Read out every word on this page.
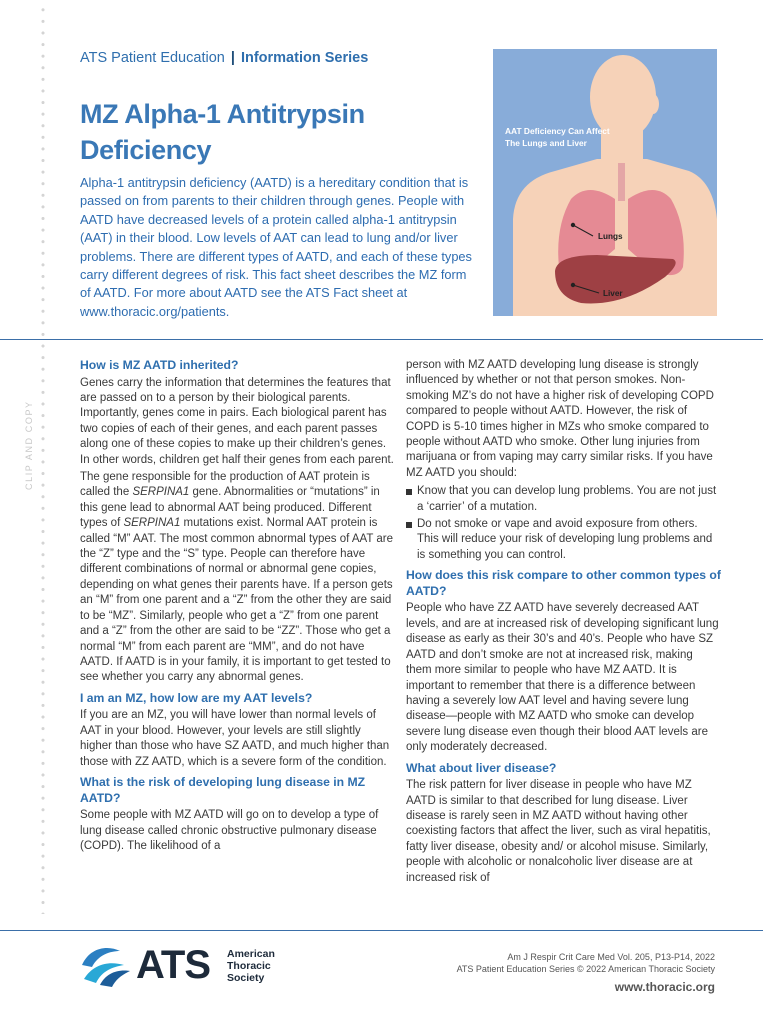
CLIP AND COPY
ATS Patient Education | Information Series
MZ Alpha-1 Antitrypsin Deficiency

Alpha-1 antitrypsin deficiency (AATD) is a hereditary condition that is passed on from parents to their children through genes. People with AATD have decreased levels of a protein called alpha-1 antitrypsin (AAT) in their blood. Low levels of AAT can lead to lung and/or liver problems. There are different types of AATD, and each of these types carry different degrees of risk. This fact sheet describes the MZ form of AATD. For more about AATD see the ATS Fact sheet at www.thoracic.org/patients.

AAT Deficiency Can Affect
The Lungs and Liver
Lungs
Liver
How is MZ AATD inherited?

Genes carry the information that determines the features that are passed on to a person by their biological parents. Importantly, genes come in pairs. Each biological parent has two copies of each of their genes, and each parent passes along one of these copies to make up their children’s genes. In other words, children get half their genes from each parent.

The gene responsible for the production of AAT protein is called the SERPINA1 gene. Abnormalities or “mutations” in this gene lead to abnormal AAT being produced. Different types of SERPINA1 mutations exist. Normal AAT protein is called “M” AAT. The most common abnormal types of AAT are the “Z” type and the “S” type. People can therefore have different combinations of normal or abnormal gene copies, depending on what genes their parents have. If a person gets an “M” from one parent and a “Z” from the other they are said to be “MZ”. Similarly, people who get a “Z” from one parent and a “Z” from the other are said to be “ZZ”. Those who get a normal “M” from each parent are “MM”, and do not have AATD. If AATD is in your family, it is important to get tested to see whether you carry any abnormal genes.

I am an MZ, how low are my AAT levels?

If you are an MZ, you will have lower than normal levels of AAT in your blood. However, your levels are still slightly higher than those who have SZ AATD, and much higher than those with ZZ AATD, which is a severe form of the condition.

What is the risk of developing lung disease in MZ AATD?

Some people with MZ AATD will go on to develop a type of lung disease called chronic obstructive pulmonary disease (COPD). The likelihood of a

person with MZ AATD developing lung disease is strongly influenced by whether or not that person smokes. Non-smoking MZ’s do not have a higher risk of developing COPD compared to people without AATD. However, the risk of COPD is 5-10 times higher in MZs who smoke compared to people without AATD who smoke. Other lung injuries from marijuana or from vaping may carry similar risks. If you have MZ AATD you should:

Know that you can develop lung problems. You are not just a ‘carrier’ of a mutation.
Do not smoke or vape and avoid exposure from others. This will reduce your risk of developing lung problems and is something you can control.
How does this risk compare to other common types of AATD?

People who have ZZ AATD have severely decreased AAT levels, and are at increased risk of developing significant lung disease as early as their 30’s and 40’s. People who have SZ AATD and don’t smoke are not at increased risk, making them more similar to people who have MZ AATD. It is important to remember that there is a difference between having a severely low AAT level and having severe lung disease—people with MZ AATD who smoke can develop severe lung disease even though their blood AAT levels are only moderately decreased.

What about liver disease?

The risk pattern for liver disease in people who have MZ AATD is similar to that described for lung disease. Liver disease is rarely seen in MZ AATD without having other coexisting factors that affect the liver, such as viral hepatitis, fatty liver disease, obesity and/ or alcohol misuse. Similarly, people with alcoholic or nonalcoholic liver disease are at increased risk of

ATS American
Thoracic
Society
Am J Respir Crit Care Med Vol. 205, P13-P14, 2022
ATS Patient Education Series © 2022 American Thoracic Society
www.thoracic.org
